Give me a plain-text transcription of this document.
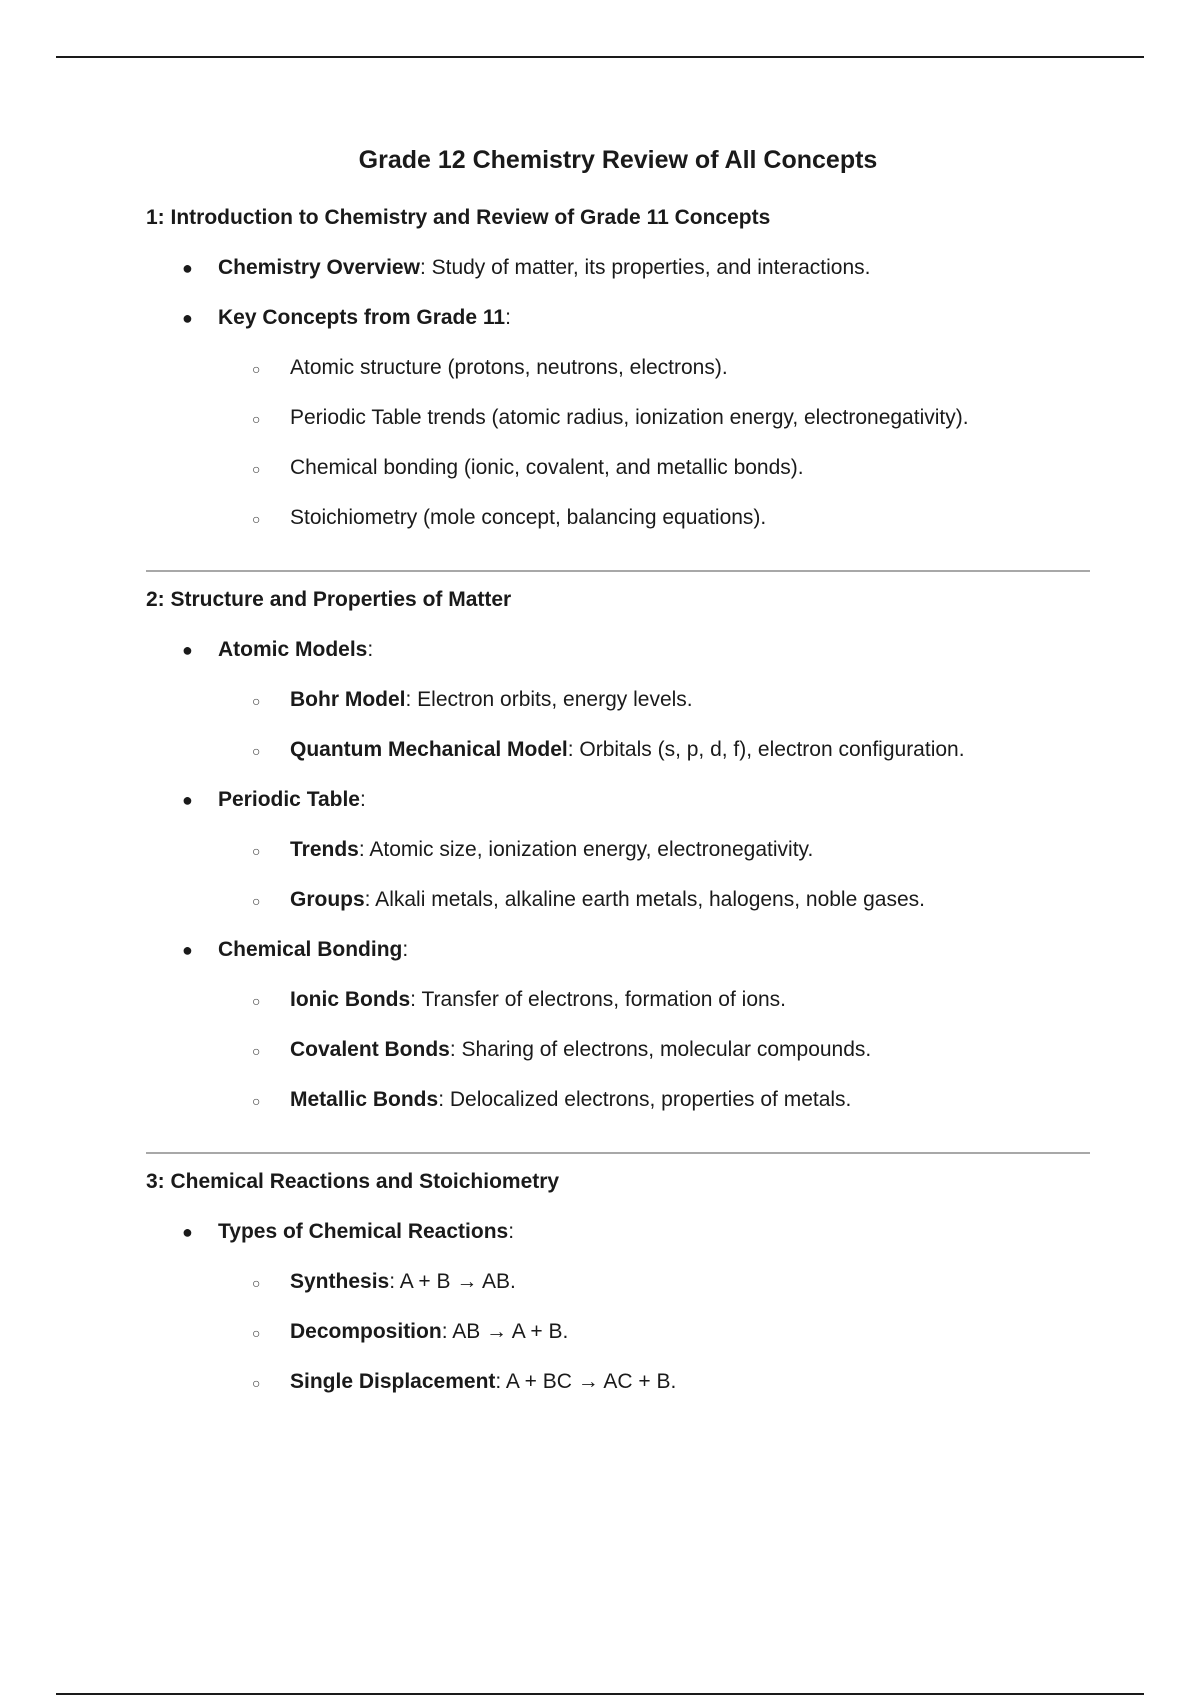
Grade 12 Chemistry Review of All Concepts
1: Introduction to Chemistry and Review of Grade 11 Concepts
● Chemistry Overview: Study of matter, its properties, and interactions.
● Key Concepts from Grade 11:
○ Atomic structure (protons, neutrons, electrons).
○ Periodic Table trends (atomic radius, ionization energy, electronegativity).
○ Chemical bonding (ionic, covalent, and metallic bonds).
○ Stoichiometry (mole concept, balancing equations).
2: Structure and Properties of Matter
● Atomic Models:
○ Bohr Model: Electron orbits, energy levels.
○ Quantum Mechanical Model: Orbitals (s, p, d, f), electron configuration.
● Periodic Table:
○ Trends: Atomic size, ionization energy, electronegativity.
○ Groups: Alkali metals, alkaline earth metals, halogens, noble gases.
● Chemical Bonding:
○ Ionic Bonds: Transfer of electrons, formation of ions.
○ Covalent Bonds: Sharing of electrons, molecular compounds.
○ Metallic Bonds: Delocalized electrons, properties of metals.
3: Chemical Reactions and Stoichiometry
● Types of Chemical Reactions:
○ Synthesis: A + B → AB.
○ Decomposition: AB → A + B.
○ Single Displacement: A + BC → AC + B.
